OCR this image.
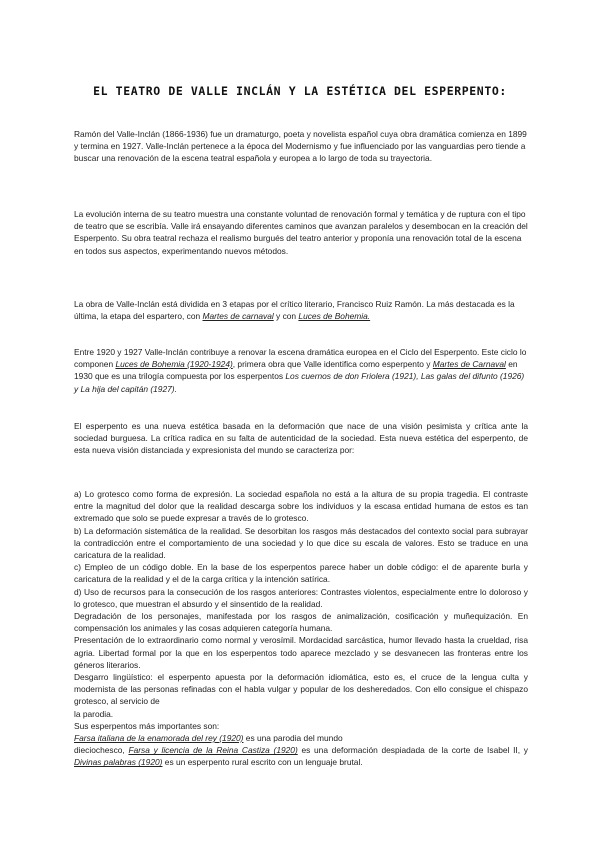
EL TEATRO DE VALLE INCLÁN Y LA ESTÉTICA DEL ESPERPENTO:
Ramón del Valle-Inclán (1866-1936) fue un dramaturgo, poeta y novelista español cuya obra dramática comienza en 1899 y termina en 1927. Valle-Inclán pertenece a la época del Modernismo y fue influenciado por las vanguardias pero tiende a buscar una renovación de la escena teatral española y europea a lo largo de toda su trayectoria.
La evolución interna de su teatro muestra una constante voluntad de renovación formal y temática y de ruptura con el tipo de teatro que se escribía. Valle irá ensayando diferentes caminos que avanzan paralelos y desembocan en la creación del Esperpento. Su obra teatral rechaza el realismo burgués del teatro anterior y proponía una renovación total de la escena en todos sus aspectos, experimentando nuevos métodos.
La obra de Valle-Inclán está dividida en 3 etapas por el crítico literario, Francisco Ruiz Ramón. La más destacada es la última, la etapa del espartero, con Martes de carnaval y con Luces de Bohemia.
Entre 1920 y 1927 Valle-Inclán contribuye a renovar la escena dramática europea en el Ciclo del Esperpento. Este ciclo lo componen Luces de Bohemia (1920-1924), primera obra que Valle identifica como esperpento y Martes de Carnaval en 1930 que es una trilogía compuesta por los esperpentos Los cuernos de don Friolera (1921), Las galas del difunto (1926) y La hija del capitán (1927).
El esperpento es una nueva estética basada en la deformación que nace de una visión pesimista y crítica ante la sociedad burguesa. La crítica radica en su falta de autenticidad de la sociedad. Esta nueva estética del esperpento, de esta nueva visión distanciada y expresionista del mundo se caracteriza por:
a) Lo grotesco como forma de expresión. La sociedad española no está a la altura de su propia tragedia. El contraste entre la magnitud del dolor que la realidad descarga sobre los individuos y la escasa entidad humana de estos es tan extremado que solo se puede expresar a través de lo grotesco.
b) La deformación sistemática de la realidad. Se desorbitan los rasgos más destacados del contexto social para subrayar la contradicción entre el comportamiento de una sociedad y lo que dice su escala de valores. Esto se traduce en una caricatura de la realidad.
c) Empleo de un código doble. En la base de los esperpentos parece haber un doble código: el de aparente burla y caricatura de la realidad y el de la carga crítica y la intención satírica.
d) Uso de recursos para la consecución de los rasgos anteriores: Contrastes violentos, especialmente entre lo doloroso y lo grotesco, que muestran el absurdo y el sinsentido de la realidad.
Degradación de los personajes, manifestada por los rasgos de animalización, cosificación y muñequización. En compensación los animales y las cosas adquieren categoría humana.
Presentación de lo extraordinario como normal y verosímil. Mordacidad sarcástica, humor llevado hasta la crueldad, risa agria. Libertad formal por la que en los esperpentos todo aparece mezclado y se desvanecen las fronteras entre los géneros literarios.
Desgarro lingüístico: el esperpento apuesta por la deformación idiomática, esto es, el cruce de la lengua culta y modernista de las personas refinadas con el habla vulgar y popular de los desheredados. Con ello consigue el chispazo grotesco, al servicio de
la parodia.
Sus esperpentos más importantes son:
Farsa italiana de la enamorada del rey (1920) es una parodia del mundo
dieciochesco, Farsa y licencia de la Reina Castiza (1920) es una deformación despiadada de la corte de Isabel II, y Divinas palabras (1920) es un esperpento rural escrito con un lenguaje brutal.
